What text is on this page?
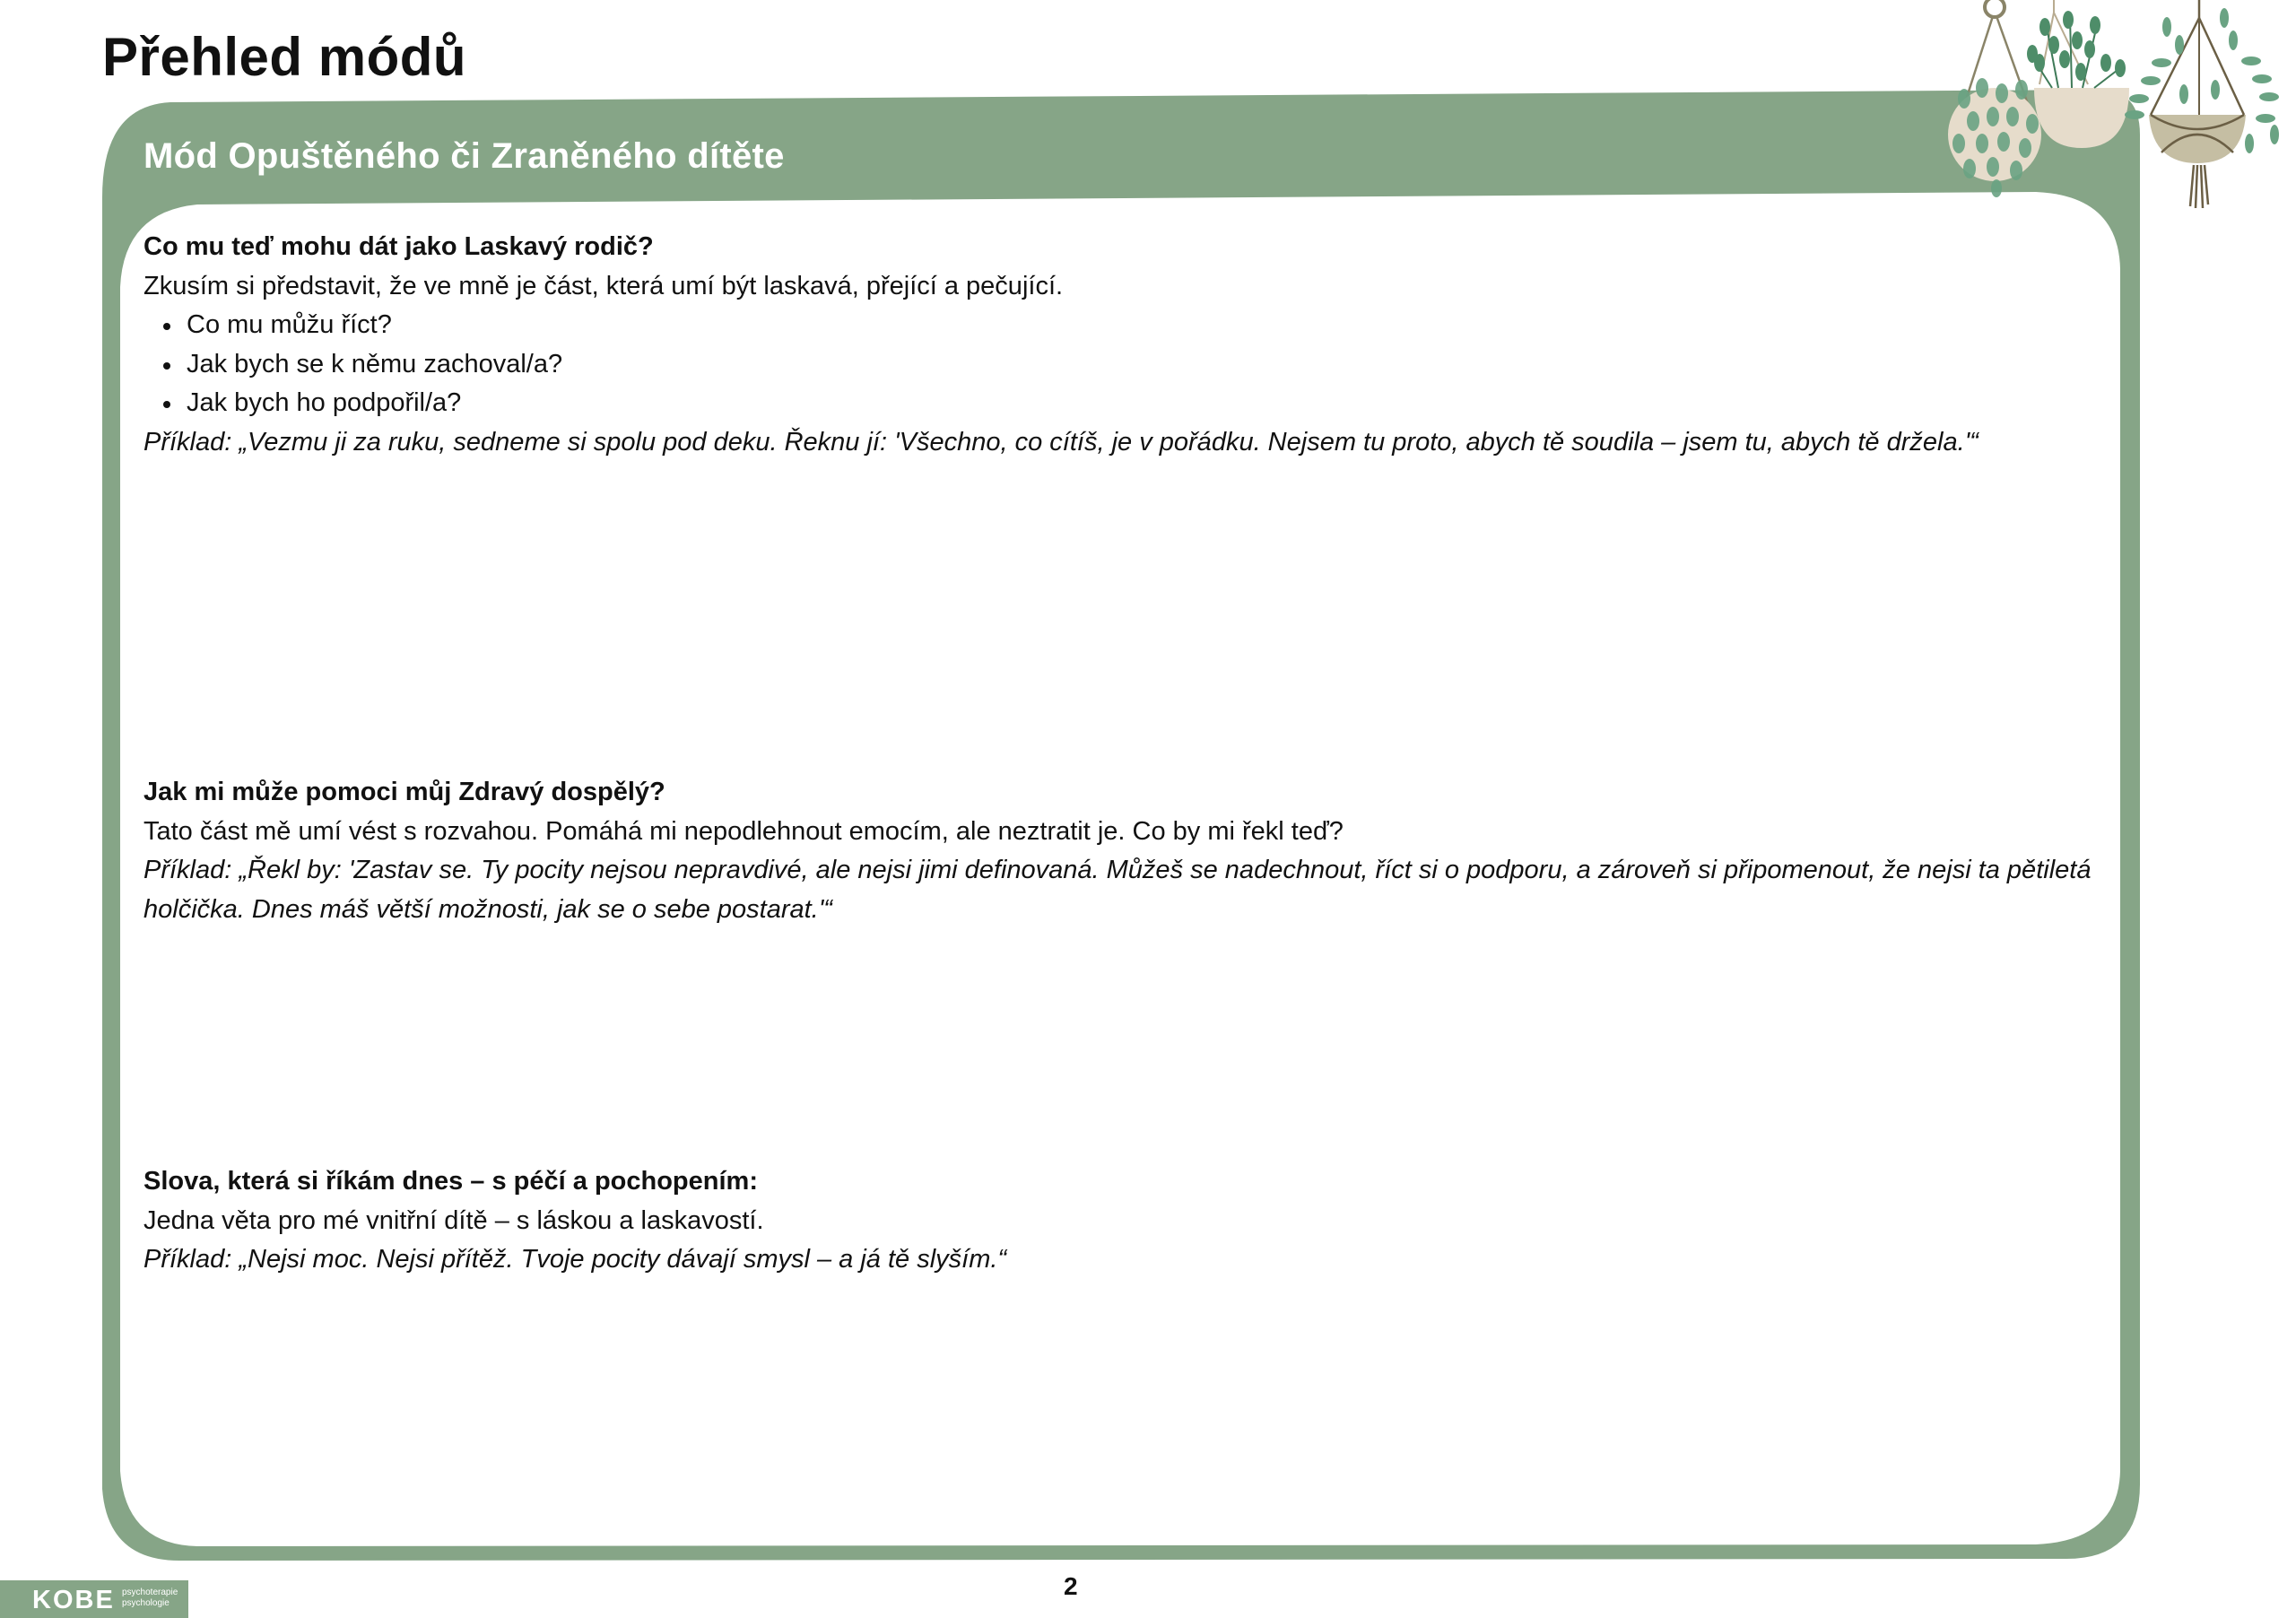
Přehled módů
Mód Opuštěného či Zraněného dítěte
Co mu teď mohu dát jako Laskavý rodič?

Zkusím si představit, že ve mně je část, která umí být laskavá, přející a pečující.

Co mu můžu říct?
Jak bych se k němu zachoval/a?
Jak bych ho podpořil/a?

Příklad: „Vezmu ji za ruku, sedneme si spolu pod deku. Řeknu jí: 'Všechno, co cítíš, je v pořádku. Nejsem tu proto, abych tě soudila – jsem tu, abych tě držela.'“

Jak mi může pomoci můj Zdravý dospělý?

Tato část mě umí vést s rozvahou. Pomáhá mi nepodlehnout emocím, ale neztratit je. Co by mi řekl teď?

Příklad: „Řekl by: 'Zastav se. Ty pocity nejsou nepravdivé, ale nejsi jimi definovaná. Můžeš se nadechnout, říct si o podporu, a zároveň si připomenout, že nejsi ta pětiletá holčička. Dnes máš větší možnosti, jak se o sebe postarat.'“

Slova, která si říkám dnes – s péčí a pochopením:

Jedna věta pro mé vnitřní dítě – s láskou a laskavostí.

Příklad: „Nejsi moc. Nejsi přítěž. Tvoje pocity dávají smysl – a já tě slyším.“

2
KOBE psychoterapie
psychologie
